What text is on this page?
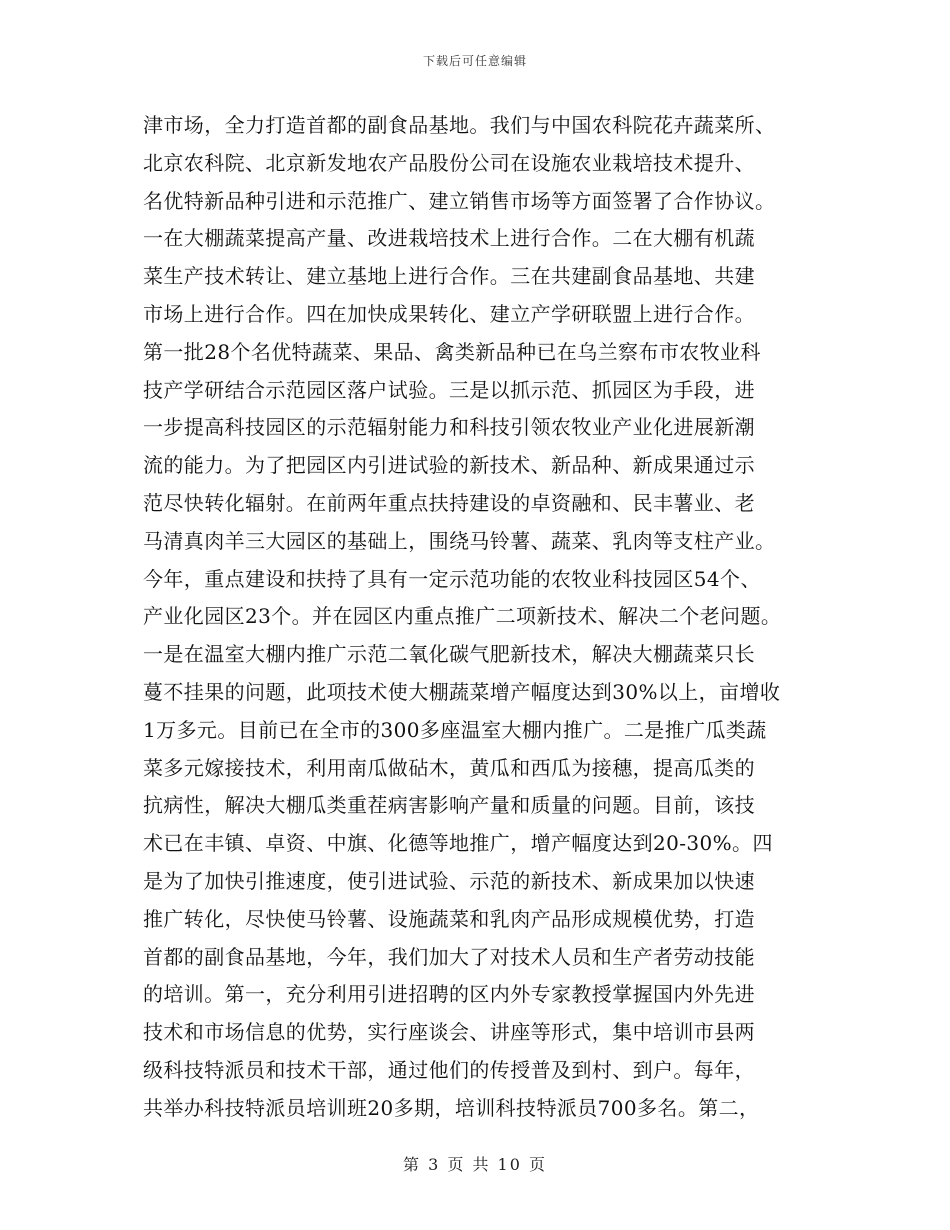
下载后可任意编辑
津市场，全力打造首都的副食品基地。我们与中国农科院花卉蔬菜所、
北京农科院、北京新发地农产品股份公司在设施农业栽培技术提升、
名优特新品种引进和示范推广、建立销售市场等方面签署了合作协议。
一在大棚蔬菜提高产量、改进栽培技术上进行合作。二在大棚有机蔬
菜生产技术转让、建立基地上进行合作。三在共建副食品基地、共建
市场上进行合作。四在加快成果转化、建立产学研联盟上进行合作。
第一批28个名优特蔬菜、果品、禽类新品种已在乌兰察布市农牧业科
技产学研结合示范园区落户试验。三是以抓示范、抓园区为手段，进
一步提高科技园区的示范辐射能力和科技引领农牧业产业化进展新潮
流的能力。为了把园区内引进试验的新技术、新品种、新成果通过示
范尽快转化辐射。在前两年重点扶持建设的卓资融和、民丰薯业、老
马清真肉羊三大园区的基础上，围绕马铃薯、蔬菜、乳肉等支柱产业。
今年，重点建设和扶持了具有一定示范功能的农牧业科技园区54个、
产业化园区23个。并在园区内重点推广二项新技术、解决二个老问题。
一是在温室大棚内推广示范二氧化碳气肥新技术，解决大棚蔬菜只长
蔓不挂果的问题，此项技术使大棚蔬菜增产幅度达到30%以上，亩增收
1万多元。目前已在全市的300多座温室大棚内推广。二是推广瓜类蔬
菜多元嫁接技术，利用南瓜做砧木，黄瓜和西瓜为接穗，提高瓜类的
抗病性，解决大棚瓜类重茬病害影响产量和质量的问题。目前，该技
术已在丰镇、卓资、中旗、化德等地推广，增产幅度达到20-30%。四
是为了加快引推速度，使引进试验、示范的新技术、新成果加以快速
推广转化，尽快使马铃薯、设施蔬菜和乳肉产品形成规模优势，打造
首都的副食品基地，今年，我们加大了对技术人员和生产者劳动技能
的培训。第一，充分利用引进招聘的区内外专家教授掌握国内外先进
技术和市场信息的优势，实行座谈会、讲座等形式，集中培训市县两
级科技特派员和技术干部，通过他们的传授普及到村、到户。每年，
共举办科技特派员培训班20多期，培训科技特派员700多名。第二，
第 3 页 共 10 页
